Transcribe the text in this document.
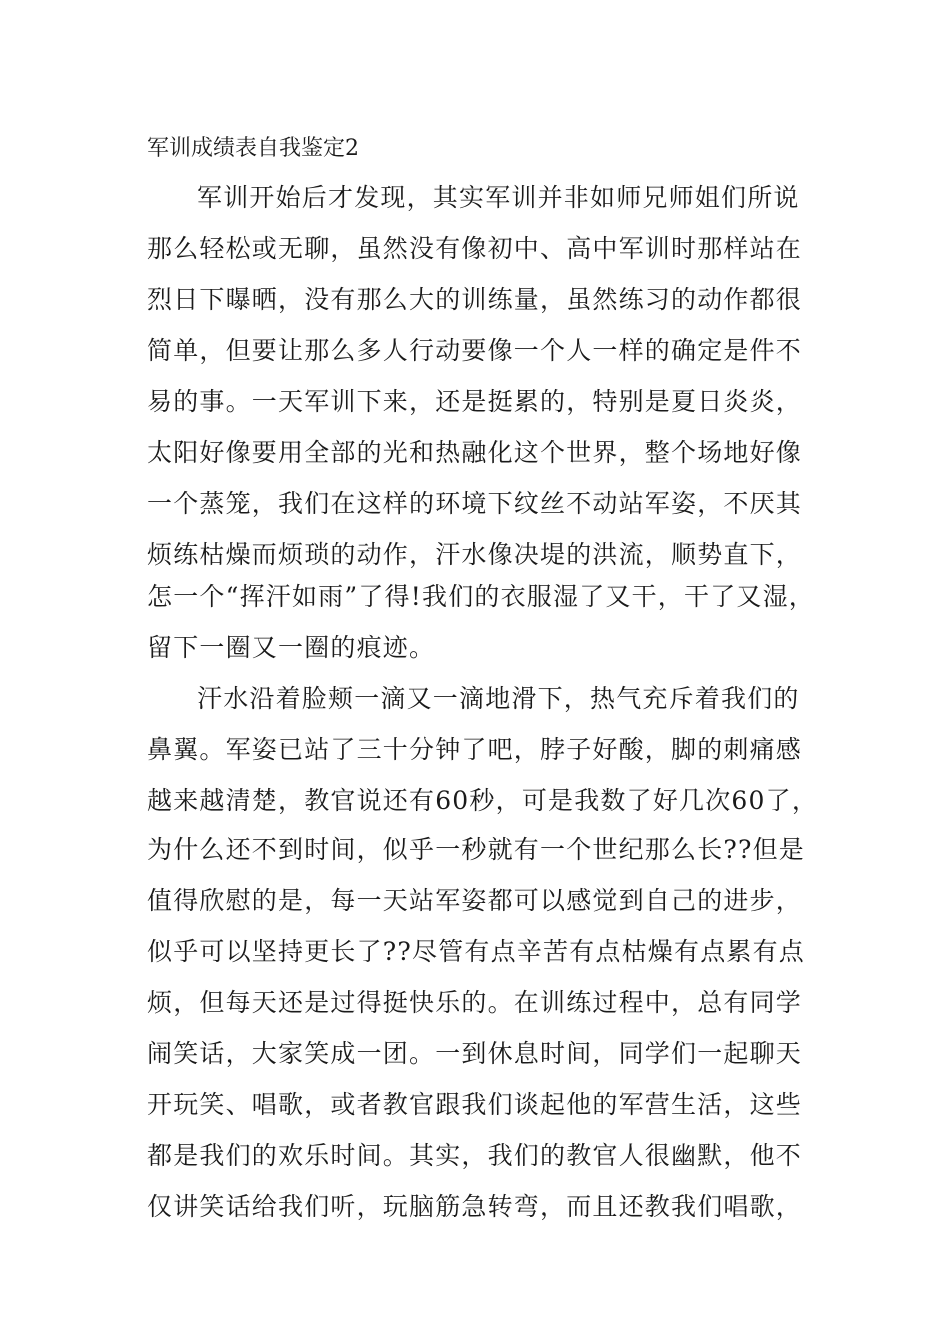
军训成绩表自我鉴定2
军训开始后才发现，其实军训并非如师兄师姐们所说
那么轻松或无聊，虽然没有像初中、高中军训时那样站在
烈日下曝晒，没有那么大的训练量，虽然练习的动作都很
简单，但要让那么多人行动要像一个人一样的确定是件不
易的事。一天军训下来，还是挺累的，特别是夏日炎炎，
太阳好像要用全部的光和热融化这个世界，整个场地好像
一个蒸笼，我们在这样的环境下纹丝不动站军姿，不厌其
烦练枯燥而烦琐的动作，汗水像决堤的洪流，顺势直下，
怎一个“挥汗如雨”了得!我们的衣服湿了又干，干了又湿，
留下一圈又一圈的痕迹。
汗水沿着脸颊一滴又一滴地滑下，热气充斥着我们的
鼻翼。军姿已站了三十分钟了吧，脖子好酸，脚的刺痛感
越来越清楚，教官说还有60秒，可是我数了好几次60了，
为什么还不到时间，似乎一秒就有一个世纪那么长??但是
值得欣慰的是，每一天站军姿都可以感觉到自己的进步，
似乎可以坚持更长了??尽管有点辛苦有点枯燥有点累有点
烦，但每天还是过得挺快乐的。在训练过程中，总有同学
闹笑话，大家笑成一团。一到休息时间，同学们一起聊天
开玩笑、唱歌，或者教官跟我们谈起他的军营生活，这些
都是我们的欢乐时间。其实，我们的教官人很幽默，他不
仅讲笑话给我们听，玩脑筋急转弯，而且还教我们唱歌，
